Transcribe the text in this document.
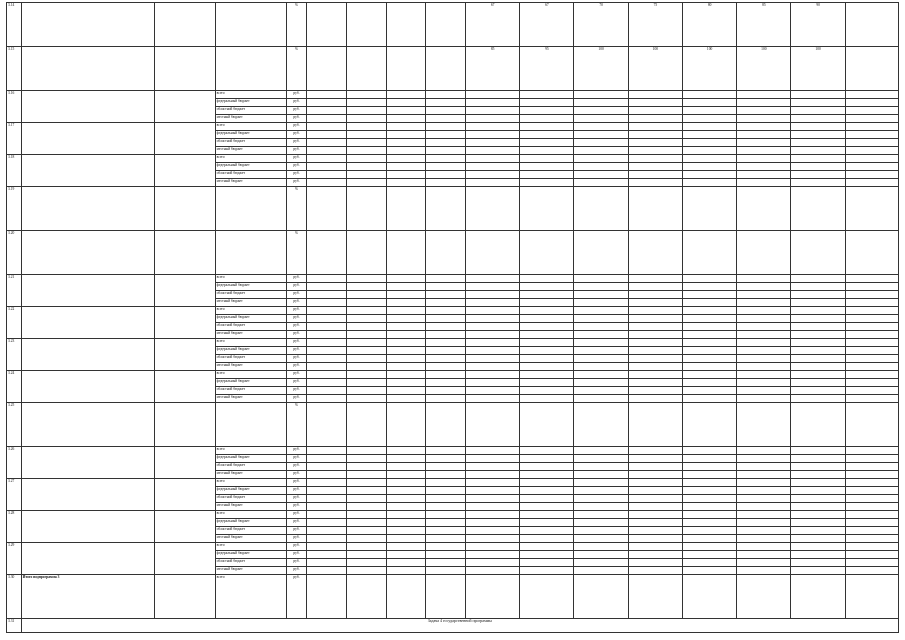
3.14				%					67	67	70	75	80	85	90	
3.15				%					85	95	100	100	100	100	100	
3.16			всего	руб.												
			федеральный бюджет	руб.												
			областной бюджет	руб.												
			местный бюджет	руб.												
3.17			всего	руб.												
			федеральный бюджет	руб.												
			областной бюджет	руб.												
			местный бюджет	руб.												
3.18			всего	руб.												
			федеральный бюджет	руб.												
			областной бюджет	руб.												
			местный бюджет	руб.												
3.19				%												
3.20				%												
3.21			всего	руб.												
			федеральный бюджет	руб.												
			областной бюджет	руб.												
			местный бюджет	руб.												
3.22			всего	руб.												
			федеральный бюджет	руб.												
			областной бюджет	руб.												
			местный бюджет	руб.												
3.23			всего	руб.												
			федеральный бюджет	руб.												
			областной бюджет	руб.												
			местный бюджет	руб.												
3.24			всего	руб.												
			федеральный бюджет	руб.												
			областной бюджет	руб.												
			местный бюджет	руб.												
3.25				%												
3.26			всего	руб.												
			федеральный бюджет	руб.												
			областной бюджет	руб.												
			местный бюджет	руб.												
3.27			всего	руб.												
			федеральный бюджет	руб.												
			областной бюджет	руб.												
			местный бюджет	руб.												
3.28			всего	руб.												
			федеральный бюджет	руб.												
			областной бюджет	руб.												
			местный бюджет	руб.												
3.29			всего	руб.												
			федеральный бюджет	руб.												
			областной бюджет	руб.												
			местный бюджет	руб.												
3.30	Итого подпрограмма 3		всего	руб.												
3.31	Задача 4 государственной программы															
